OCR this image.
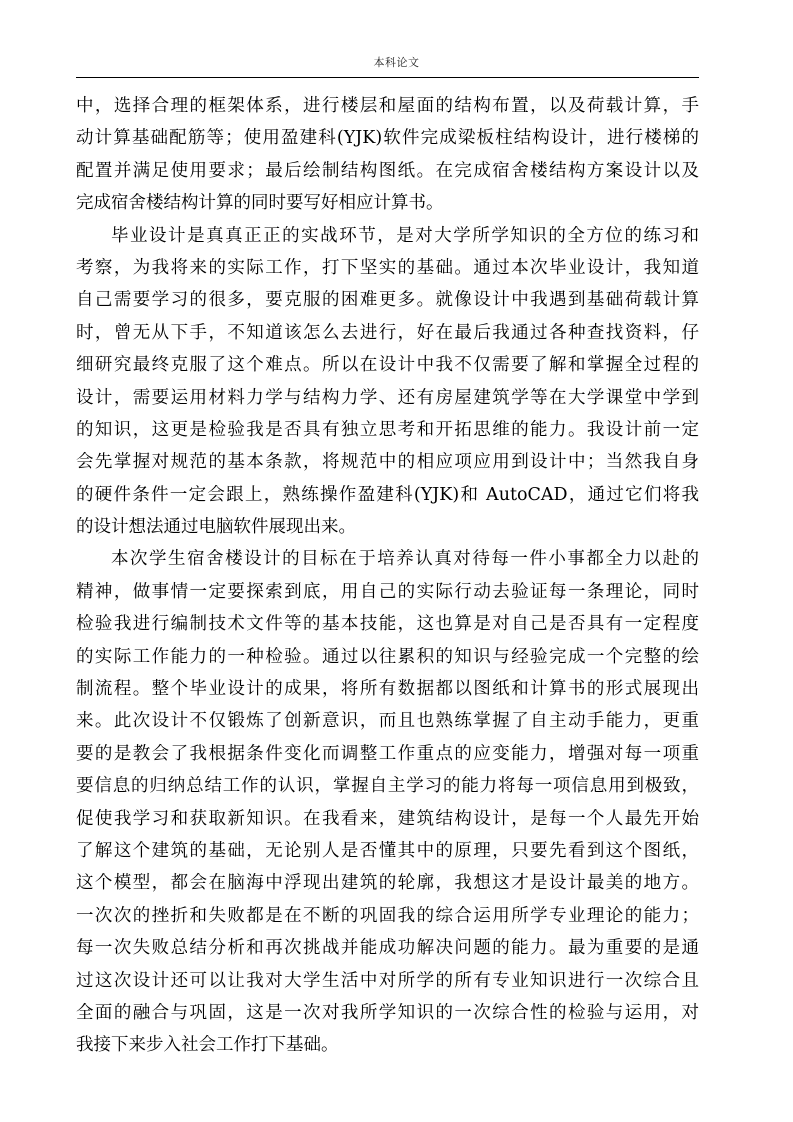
本科论文
中，选择合理的框架体系，进行楼层和屋面的结构布置，以及荷载计算，手
动计算基础配筋等；使用盈建科(YJK)软件完成梁板柱结构设计，进行楼梯的
配置并满足使用要求；最后绘制结构图纸。在完成宿舍楼结构方案设计以及
完成宿舍楼结构计算的同时要写好相应计算书。
毕业设计是真真正正的实战环节，是对大学所学知识的全方位的练习和
考察，为我将来的实际工作，打下坚实的基础。通过本次毕业设计，我知道
自己需要学习的很多，要克服的困难更多。就像设计中我遇到基础荷载计算
时，曾无从下手，不知道该怎么去进行，好在最后我通过各种查找资料，仔
细研究最终克服了这个难点。所以在设计中我不仅需要了解和掌握全过程的
设计，需要运用材料力学与结构力学、还有房屋建筑学等在大学课堂中学到
的知识，这更是检验我是否具有独立思考和开拓思维的能力。我设计前一定
会先掌握对规范的基本条款，将规范中的相应项应用到设计中；当然我自身
的硬件条件一定会跟上，熟练操作盈建科(YJK)和 AutoCAD，通过它们将我
的设计想法通过电脑软件展现出来。
本次学生宿舍楼设计的目标在于培养认真对待每一件小事都全力以赴的
精神，做事情一定要探索到底，用自己的实际行动去验证每一条理论，同时
检验我进行编制技术文件等的基本技能，这也算是对自己是否具有一定程度
的实际工作能力的一种检验。通过以往累积的知识与经验完成一个完整的绘
制流程。整个毕业设计的成果，将所有数据都以图纸和计算书的形式展现出
来。此次设计不仅锻炼了创新意识，而且也熟练掌握了自主动手能力，更重
要的是教会了我根据条件变化而调整工作重点的应变能力，增强对每一项重
要信息的归纳总结工作的认识，掌握自主学习的能力将每一项信息用到极致，
促使我学习和获取新知识。在我看来，建筑结构设计，是每一个人最先开始
了解这个建筑的基础，无论别人是否懂其中的原理，只要先看到这个图纸，
这个模型，都会在脑海中浮现出建筑的轮廓，我想这才是设计最美的地方。
一次次的挫折和失败都是在不断的巩固我的综合运用所学专业理论的能力；
每一次失败总结分析和再次挑战并能成功解决问题的能力。最为重要的是通
过这次设计还可以让我对大学生活中对所学的所有专业知识进行一次综合且
全面的融合与巩固，这是一次对我所学知识的一次综合性的检验与运用，对
我接下来步入社会工作打下基础。
